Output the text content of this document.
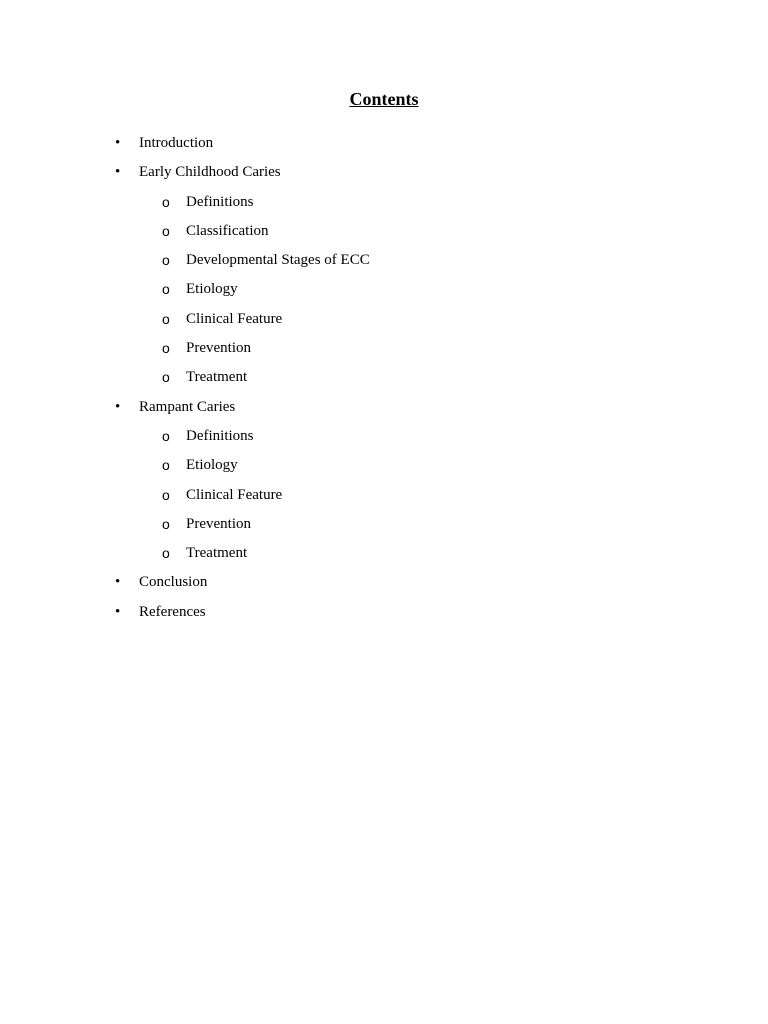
Contents
• Introduction
• Early Childhood Caries
o Definitions
o Classification
o Developmental Stages of ECC
o Etiology
o Clinical Feature
o Prevention
o Treatment
• Rampant Caries
o Definitions
o Etiology
o Clinical Feature
o Prevention
o Treatment
• Conclusion
• References
